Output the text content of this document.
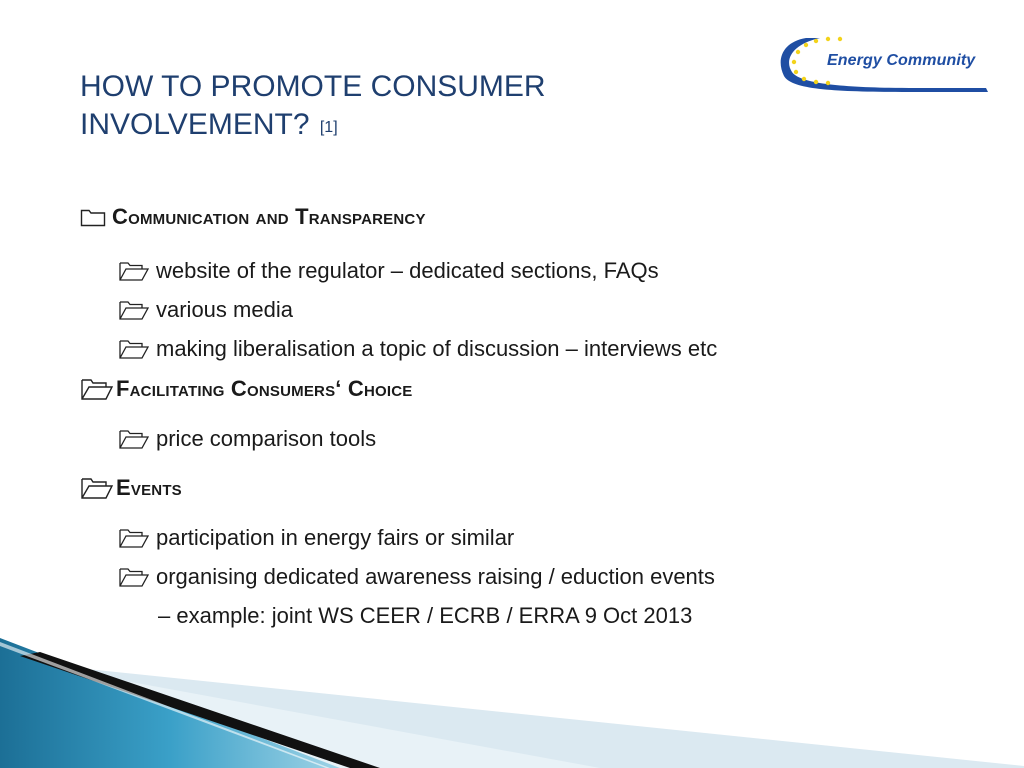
HOW TO PROMOTE CONSUMER
INVOLVEMENT? [1]
Energy Community
Communication and Transparency
website of the regulator – dedicated sections, FAQs
various media
making liberalisation a topic of discussion – interviews etc
Facilitating Consumers‘ Choice
price comparison tools
Events
participation in energy fairs or similar
organising dedicated awareness raising / eduction events
– example: joint WS CEER / ECRB / ERRA 9 Oct 2013
